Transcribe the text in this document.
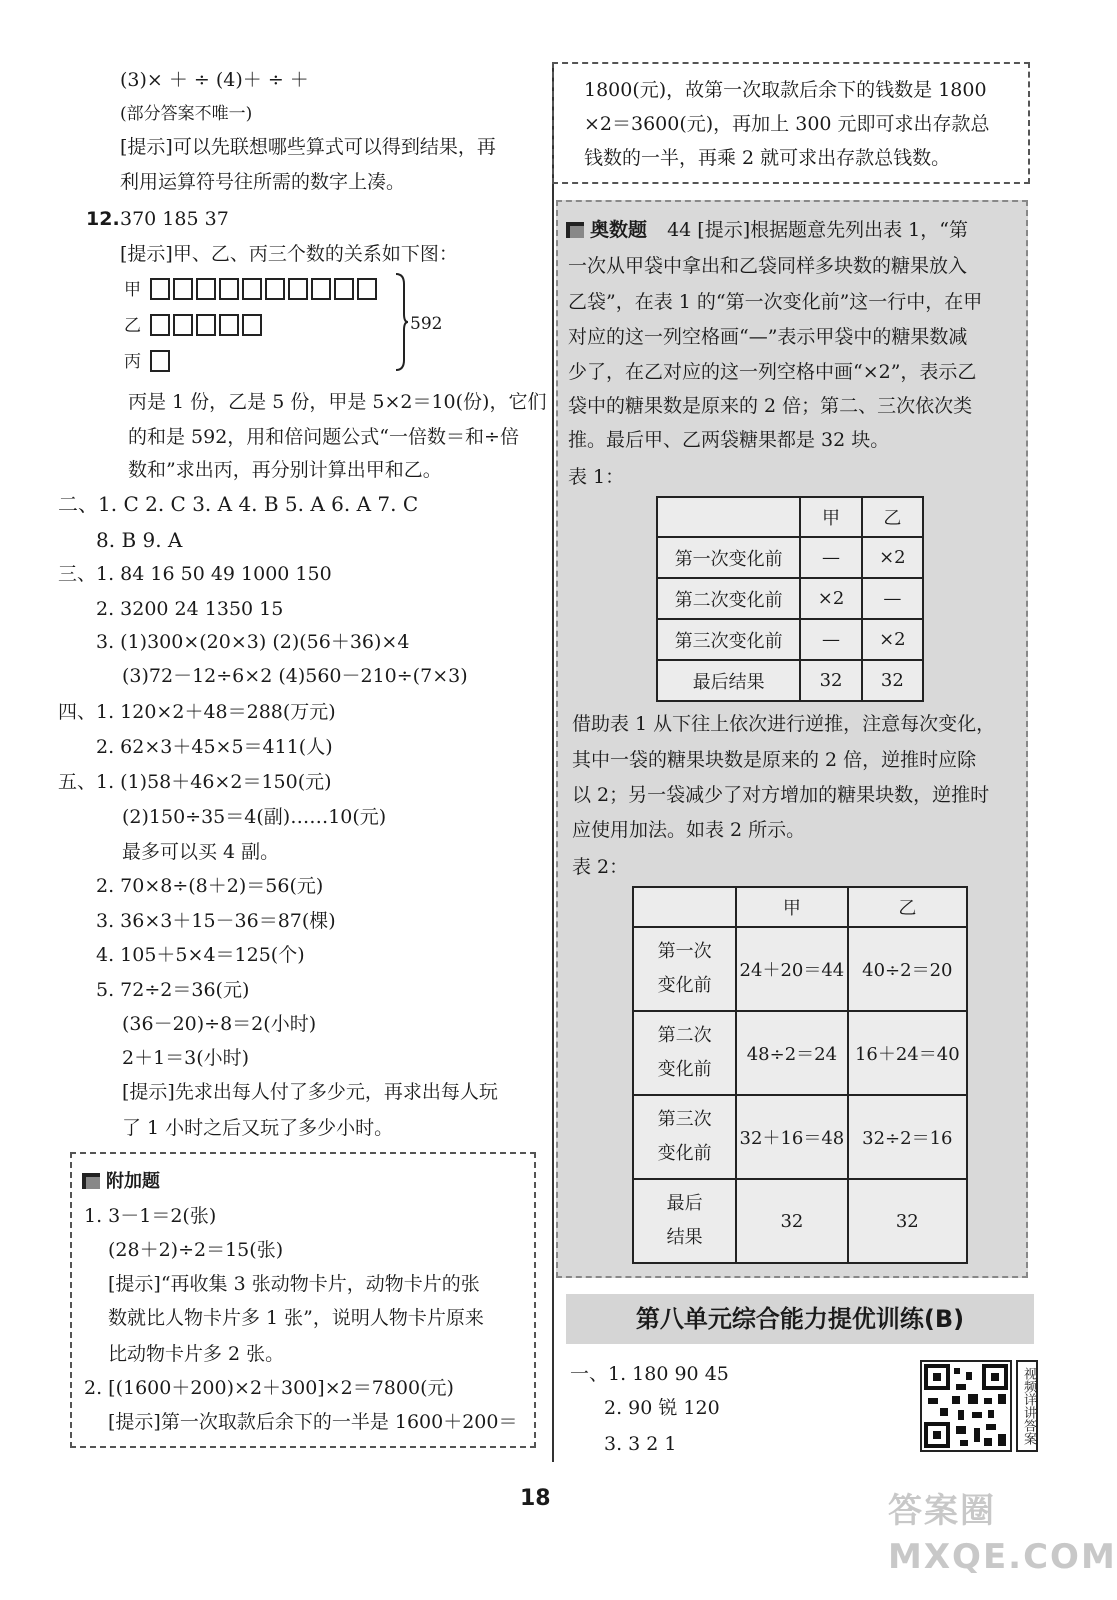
(3)× ＋ ÷ (4)＋ ÷ ＋
(部分答案不唯一)
[提示]可以先联想哪些算式可以得到结果，再
利用运算符号往所需的数字上凑。
12. 370 185 37
[提示]甲、乙、丙三个数的关系如下图：
甲
乙
丙
592
丙是 1 份，乙是 5 份，甲是 5×2＝10(份)，它们
的和是 592，用和倍问题公式“一倍数＝和÷倍
数和”求出丙，再分别计算出甲和乙。
二、1. C 2. C 3. A 4. B 5. A 6. A 7. C
8. B 9. A
三、1. 84 16 50 49 1000 150
2. 3200 24 1350 15
3. (1)300×(20×3) (2)(56＋36)×4
(3)72－12÷6×2 (4)560－210÷(7×3)
四、1. 120×2＋48＝288(万元)
2. 62×3＋45×5＝411(人)
五、1. (1)58＋46×2＝150(元)
(2)150÷35＝4(副)……10(元)
最多可以买 4 副。
2. 70×8÷(8＋2)＝56(元)
3. 36×3＋15－36＝87(棵)
4. 105＋5×4＝125(个)
5. 72÷2＝36(元)
(36－20)÷8＝2(小时)
2＋1＝3(小时)
[提示]先求出每人付了多少元，再求出每人玩
了 1 小时之后又玩了多少小时。
附加题
1. 3－1＝2(张)
(28＋2)÷2＝15(张)
[提示]“再收集 3 张动物卡片，动物卡片的张
数就比人物卡片多 1 张”，说明人物卡片原来
比动物卡片多 2 张。
2. [(1600＋200)×2＋300]×2＝7800(元)
[提示]第一次取款后余下的一半是 1600＋200＝
1800(元)，故第一次取款后余下的钱数是 1800
×2＝3600(元)，再加上 300 元即可求出存款总
钱数的一半，再乘 2 就可求出存款总钱数。
奥数题 44 [提示]根据题意先列出表 1，“第
一次从甲袋中拿出和乙袋同样多块数的糖果放入
乙袋”，在表 1 的“第一次变化前”这一行中，在甲
对应的这一列空格画“—”表示甲袋中的糖果数减
少了，在乙对应的这一列空格中画“×2”，表示乙
袋中的糖果数是原来的 2 倍；第二、三次依次类
推。最后甲、乙两袋糖果都是 32 块。
表 1：
	甲	乙
第一次变化前	—	×2
第二次变化前	×2	—
第三次变化前	—	×2
最后结果	32	32
借助表 1 从下往上依次进行逆推，注意每次变化，
其中一袋的糖果块数是原来的 2 倍，逆推时应除
以 2；另一袋减少了对方增加的糖果块数，逆推时
应使用加法。如表 2 所示。
表 2：
	甲	乙
第一次
变化前	24＋20＝44	40÷2＝20
第二次
变化前	48÷2＝24	16＋24＝40
第三次
变化前	32＋16＝48	32÷2＝16
最后
结果	32	32
第八单元综合能力提优训练(B)
一、1. 180 90 45
2. 90 锐 120
3. 3 2 1	视频详讲答案
18	答案圈 MXQE.COM
